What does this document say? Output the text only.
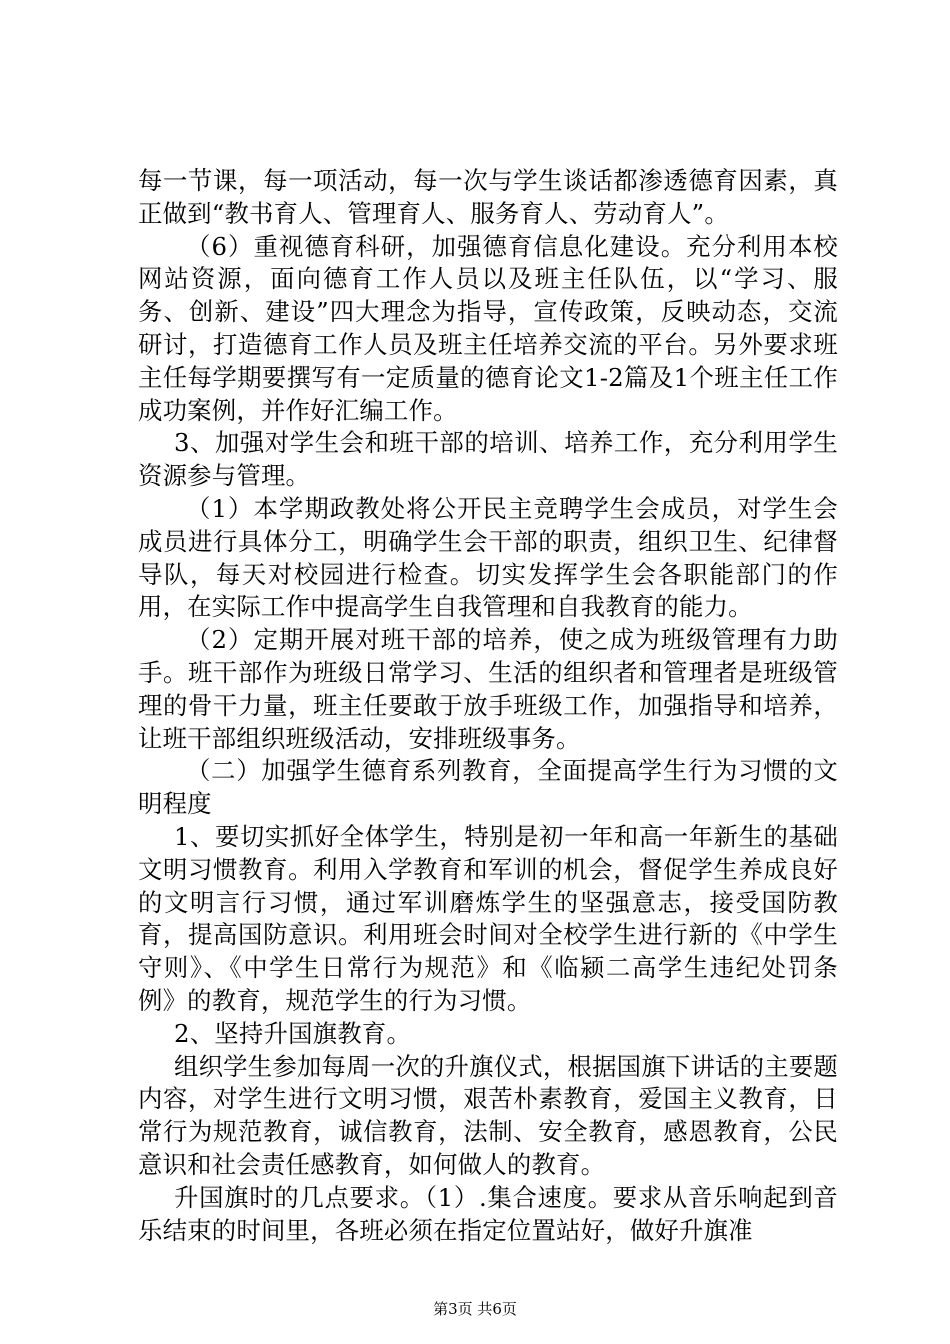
每一节课，每一项活动，每一次与学生谈话都渗透德育因素，真正做到“教书育人、管理育人、服务育人、劳动育人”。

（6）重视德育科研，加强德育信息化建设。充分利用本校网站资源，面向德育工作人员以及班主任队伍，以“学习、服务、创新、建设”四大理念为指导，宣传政策，反映动态，交流研讨，打造德育工作人员及班主任培养交流的平台。另外要求班主任每学期要撰写有一定质量的德育论文1-2篇及1个班主任工作成功案例，并作好汇编工作。

3、加强对学生会和班干部的培训、培养工作，充分利用学生资源参与管理。

（1）本学期政教处将公开民主竞聘学生会成员，对学生会成员进行具体分工，明确学生会干部的职责，组织卫生、纪律督导队，每天对校园进行检查。切实发挥学生会各职能部门的作用，在实际工作中提高学生自我管理和自我教育的能力。

（2）定期开展对班干部的培养，使之成为班级管理有力助手。班干部作为班级日常学习、生活的组织者和管理者是班级管理的骨干力量，班主任要敢于放手班级工作，加强指导和培养，让班干部组织班级活动，安排班级事务。

（二）加强学生德育系列教育，全面提高学生行为习惯的文明程度

1、要切实抓好全体学生，特别是初一年和高一年新生的基础文明习惯教育。利用入学教育和军训的机会，督促学生养成良好的文明言行习惯，通过军训磨炼学生的坚强意志，接受国防教育，提高国防意识。利用班会时间对全校学生进行新的《中学生守则》、《中学生日常行为规范》和《临颍二高学生违纪处罚条例》的教育，规范学生的行为习惯。

2、坚持升国旗教育。

组织学生参加每周一次的升旗仪式，根据国旗下讲话的主要题内容，对学生进行文明习惯，艰苦朴素教育，爱国主义教育，日常行为规范教育，诚信教育，法制、安全教育，感恩教育，公民意识和社会责任感教育，如何做人的教育。

升国旗时的几点要求。（1）.集合速度。要求从音乐响起到音乐结束的时间里，各班必须在指定位置站好，做好升旗准

第3页 共6页
